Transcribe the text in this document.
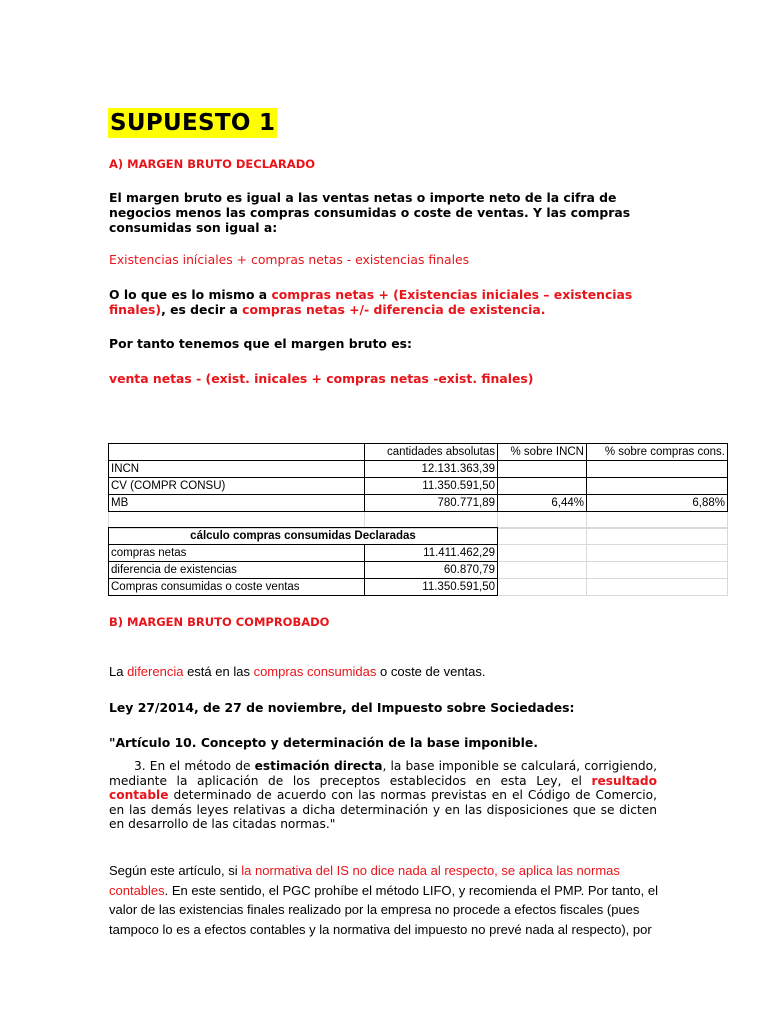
SUPUESTO 1
A) MARGEN BRUTO DECLARADO
El margen bruto es igual a las ventas netas o importe neto de la cifra de negocios menos las compras consumidas o coste de ventas. Y las compras consumidas son igual a:
Existencias iníciales + compras netas - existencias finales
O lo que es lo mismo a compras netas + (Existencias iniciales – existencias finales), es decir a compras netas +/- diferencia de existencia.
Por tanto tenemos que el margen bruto es:
venta netas - (exist. inicales + compras netas -exist. finales)
	cantidades absolutas	% sobre INCN	% sobre compras cons.
INCN	12.131.363,39		
CV (COMPR CONSU)	11.350.591,50		
MB	780.771,89	6,44%	6,88%

cálculo compras consumidas Declaradas			
compras netas	11.411.462,29		
diferencia de existencias	60.870,79		
Compras consumidas o coste ventas	11.350.591,50		
B) MARGEN BRUTO COMPROBADO
La diferencia está en las compras consumidas o coste de ventas.
Ley 27/2014, de 27 de noviembre, del Impuesto sobre Sociedades:
"Artículo 10. Concepto y determinación de la base imponible.
3. En el método de estimación directa, la base imponible se calculará, corrigiendo, mediante la aplicación de los preceptos establecidos en esta Ley, el resultado contable determinado de acuerdo con las normas previstas en el Código de Comercio, en las demás leyes relativas a dicha determinación y en las disposiciones que se dicten en desarrollo de las citadas normas."
Según este artículo, si la normativa del IS no dice nada al respecto, se aplica las normas contables. En este sentido, el PGC prohíbe el método LIFO, y recomienda el PMP. Por tanto, el valor de las existencias finales realizado por la empresa no procede a efectos fiscales (pues tampoco lo es a efectos contables y la normativa del impuesto no prevé nada al respecto), por
